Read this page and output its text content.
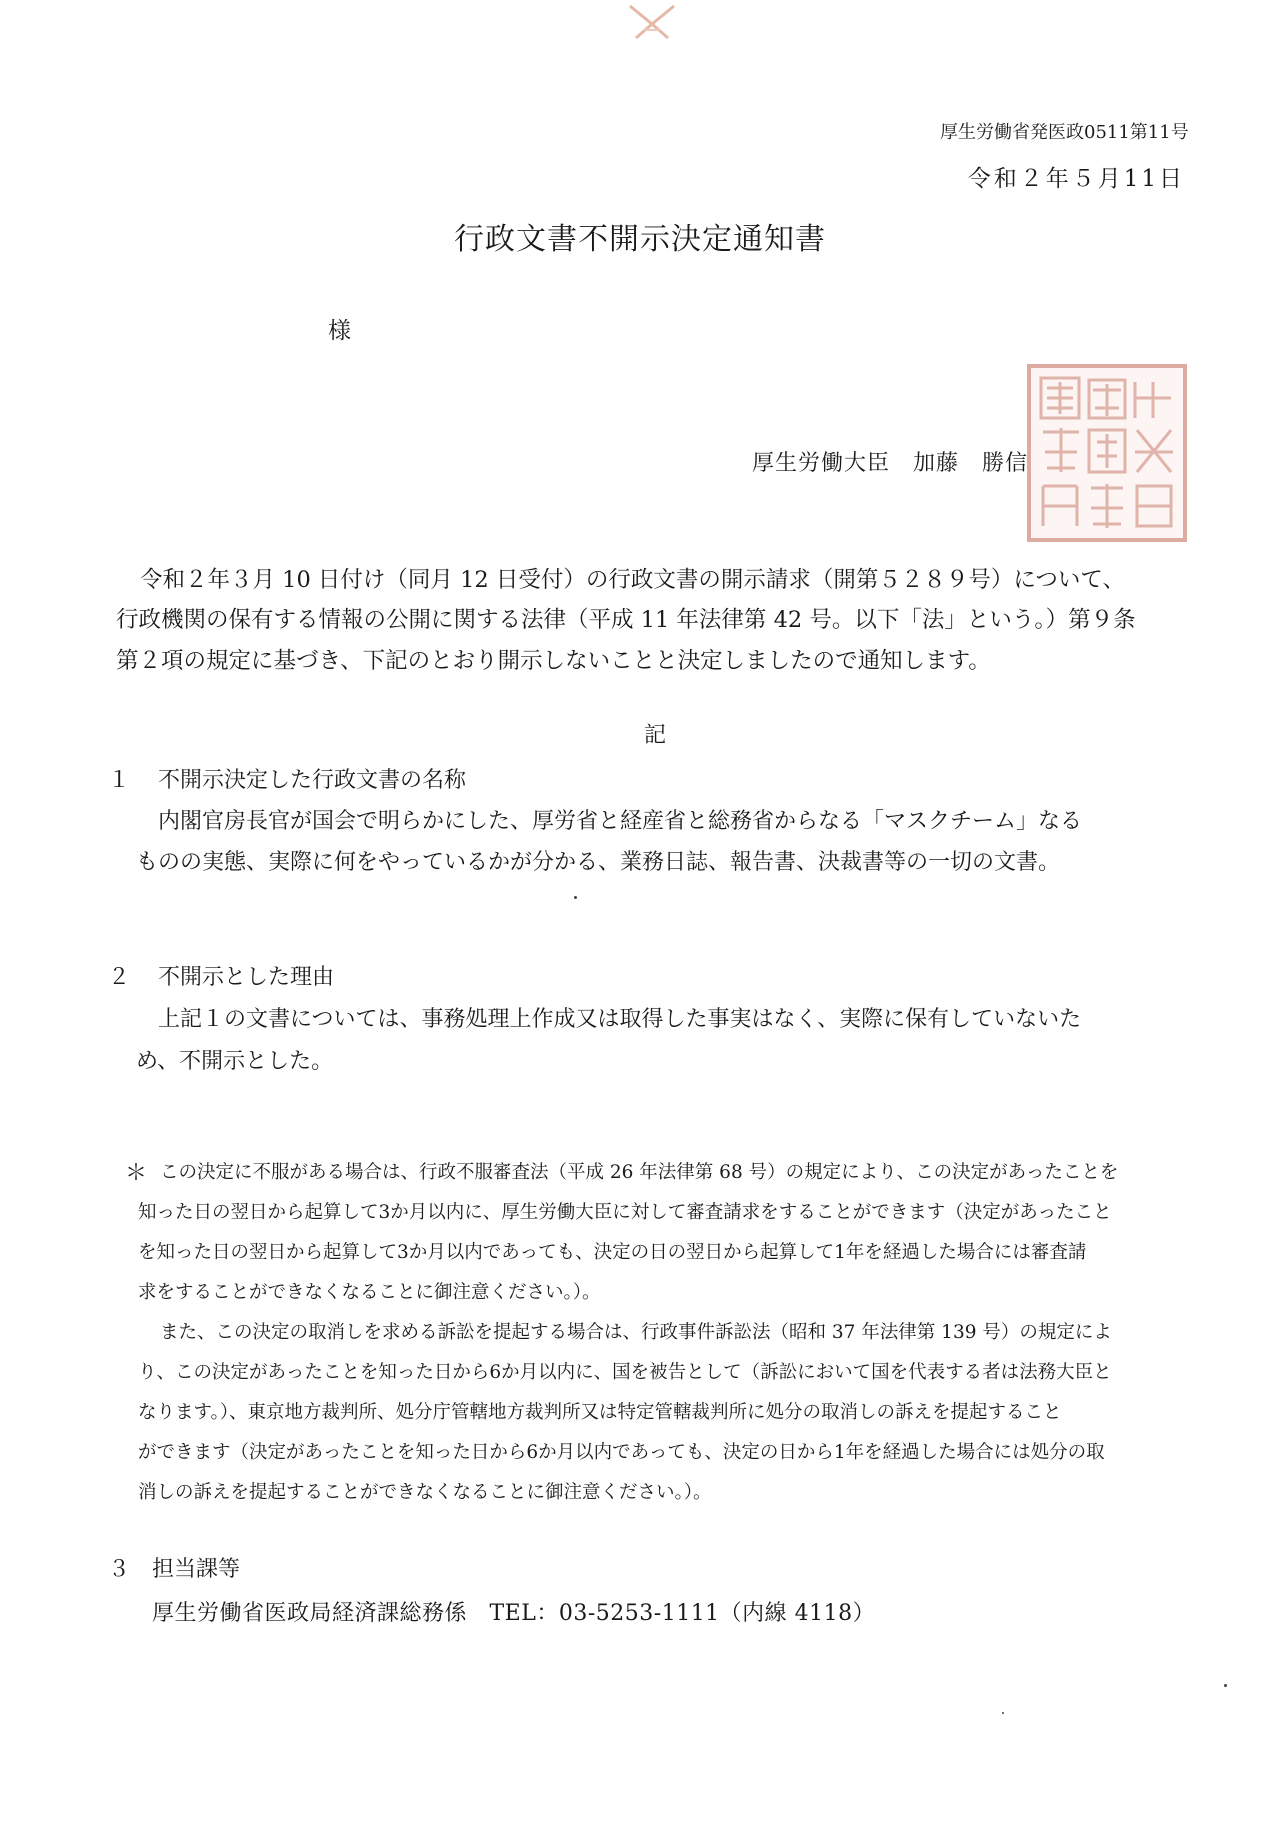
厚生労働省発医政0511第11号
令和２年５月11日
行政文書不開示決定通知書
様
厚生労働大臣　加藤　勝信
令和２年３月 10 日付け（同月 12 日受付）の行政文書の開示請求（開第５２８９号）について、
行政機関の保有する情報の公開に関する法律（平成 11 年法律第 42 号。以下「法」という。）第９条
第２項の規定に基づき、下記のとおり開示しないことと決定しましたので通知します。
記
１ 不開示決定した行政文書の名称
内閣官房長官が国会で明らかにした、厚労省と経産省と総務省からなる「マスクチーム」なる
ものの実態、実際に何をやっているかが分かる、業務日誌、報告書、決裁書等の一切の文書。
２ 不開示とした理由
上記１の文書については、事務処理上作成又は取得した事実はなく、実際に保有していないた
め、不開示とした。
＊ この決定に不服がある場合は、行政不服審査法（平成 26 年法律第 68 号）の規定により、この決定があったことを
知った日の翌日から起算して3か月以内に、厚生労働大臣に対して審査請求をすることができます（決定があったこと
を知った日の翌日から起算して3か月以内であっても、決定の日の翌日から起算して1年を経過した場合には審査請
求をすることができなくなることに御注意ください。）。
また、この決定の取消しを求める訴訟を提起する場合は、行政事件訴訟法（昭和 37 年法律第 139 号）の規定によ
り、この決定があったことを知った日から6か月以内に、国を被告として（訴訟において国を代表する者は法務大臣と
なります。）、東京地方裁判所、処分庁管轄地方裁判所又は特定管轄裁判所に処分の取消しの訴えを提起すること
ができます（決定があったことを知った日から6か月以内であっても、決定の日から1年を経過した場合には処分の取
消しの訴えを提起することができなくなることに御注意ください。）。
３ 担当課等
厚生労働省医政局経済課総務係　TEL：03-5253-1111（内線 4118）
